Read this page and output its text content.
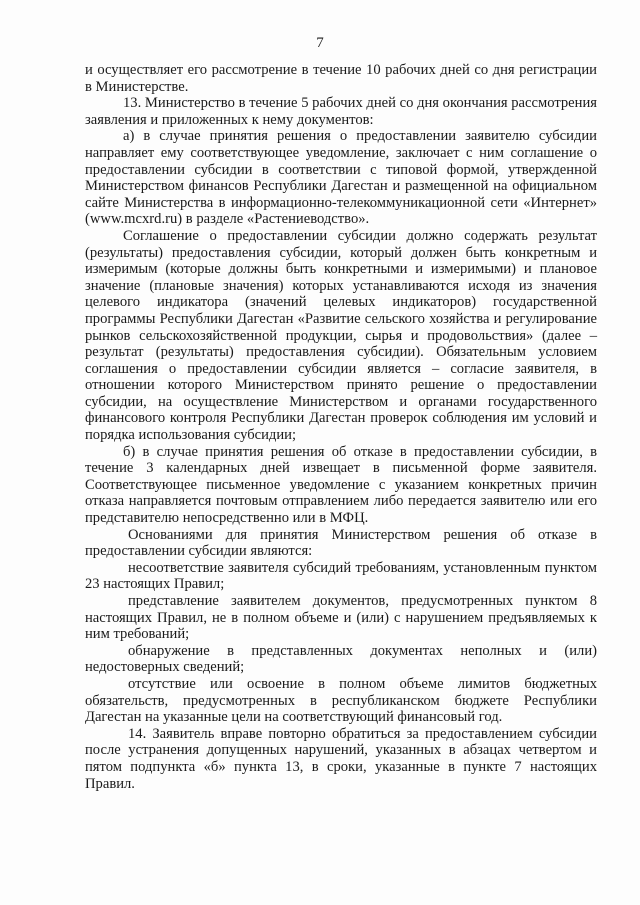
7

и осуществляет его рассмотрение в течение 10 рабочих дней со дня регистрации в Министерстве.

13. Министерство в течение 5 рабочих дней со дня окончания рассмотрения заявления и приложенных к нему документов:

а) в случае принятия решения о предоставлении заявителю субсидии направляет ему соответствующее уведомление, заключает с ним соглашение о предоставлении субсидии в соответствии с типовой формой, утвержденной Министерством финансов Республики Дагестан и размещенной на официальном сайте Министерства в информационно-телекоммуникационной сети «Интернет» (www.mcxrd.ru) в разделе «Растениеводство».

Соглашение о предоставлении субсидии должно содержать результат (результаты) предоставления субсидии, который должен быть конкретным и измеримым (которые должны быть конкретными и измеримыми) и плановое значение (плановые значения) которых устанавливаются исходя из значения целевого индикатора (значений целевых индикаторов) государственной программы Республики Дагестан «Развитие сельского хозяйства и регулирование рынков сельскохозяйственной продукции, сырья и продовольствия» (далее – результат (результаты) предоставления субсидии). Обязательным условием соглашения о предоставлении субсидии является – согласие заявителя, в отношении которого Министерством принято решение о предоставлении субсидии, на осуществление Министерством и органами государственного финансового контроля Республики Дагестан проверок соблюдения им условий и порядка использования субсидии;

б) в случае принятия решения об отказе в предоставлении субсидии, в течение 3 календарных дней извещает в письменной форме заявителя. Соответствующее письменное уведомление с указанием конкретных причин отказа направляется почтовым отправлением либо передается заявителю или его представителю непосредственно или в МФЦ.

Основаниями для принятия Министерством решения об отказе в предоставлении субсидии являются:

несоответствие заявителя субсидий требованиям, установленным пунктом 23 настоящих Правил;

представление заявителем документов, предусмотренных пунктом 8 настоящих Правил, не в полном объеме и (или) с нарушением предъявляемых к ним требований;

обнаружение в представленных документах неполных и (или) недостоверных сведений;

отсутствие или освоение в полном объеме лимитов бюджетных обязательств, предусмотренных в республиканском бюджете Республики Дагестан на указанные цели на соответствующий финансовый год.

14. Заявитель вправе повторно обратиться за предоставлением субсидии после устранения допущенных нарушений, указанных в абзацах четвертом и пятом подпункта «б» пункта 13, в сроки, указанные в пункте 7 настоящих Правил.
